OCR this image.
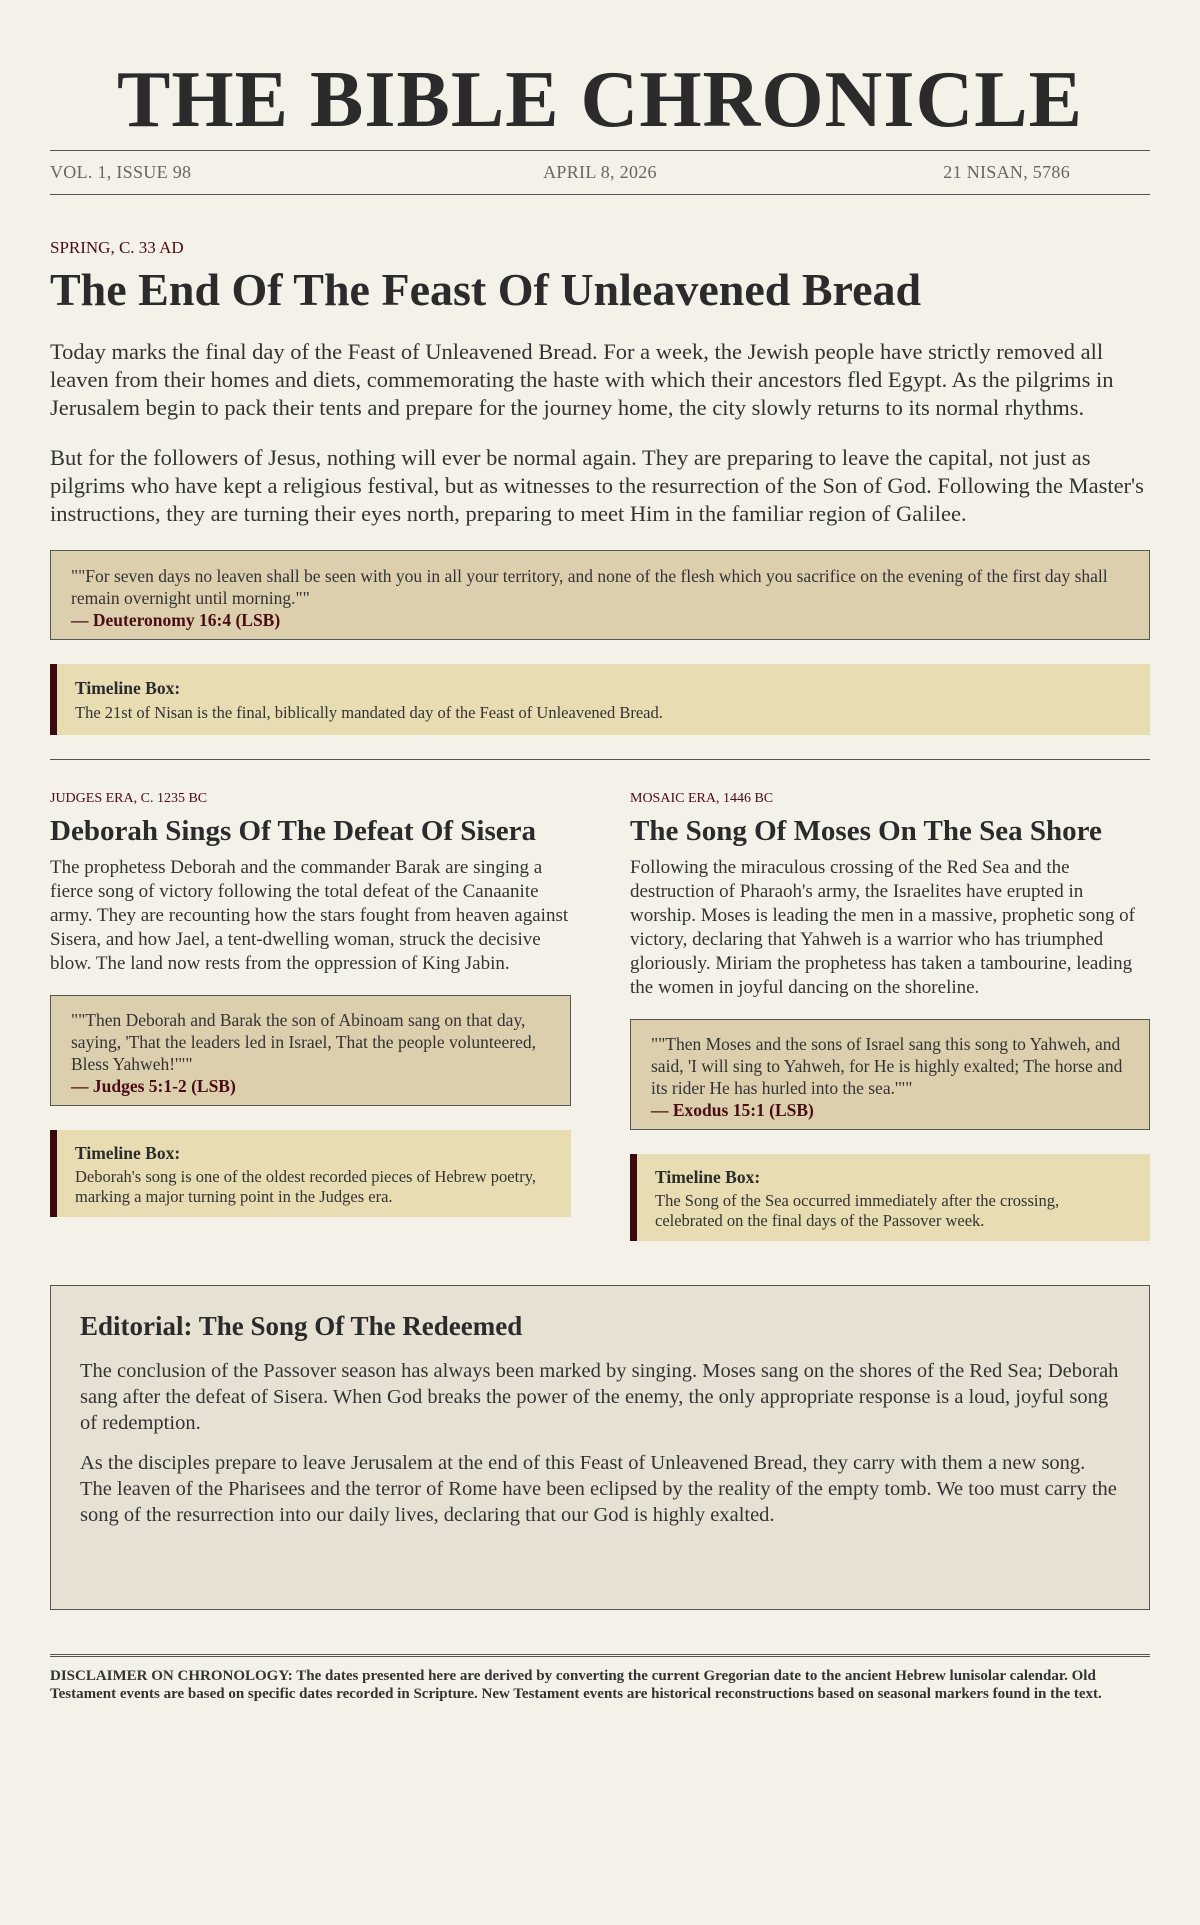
THE BIBLE CHRONICLE
VOL. 1, ISSUE 98	APRIL 8, 2026	21 NISAN, 5786
SPRING, C. 33 AD
The End Of The Feast Of Unleavened Bread

Today marks the final day of the Feast of Unleavened Bread. For a week, the Jewish people have strictly removed all leaven from their homes and diets, commemorating the haste with which their ancestors fled Egypt. As the pilgrims in Jerusalem begin to pack their tents and prepare for the journey home, the city slowly returns to its normal rhythms.

But for the followers of Jesus, nothing will ever be normal again. They are preparing to leave the capital, not just as pilgrims who have kept a religious festival, but as witnesses to the resurrection of the Son of God. Following the Master's instructions, they are turning their eyes north, preparing to meet Him in the familiar region of Galilee.

""For seven days no leaven shall be seen with you in all your territory, and none of the flesh which you sacrifice on the evening of the first day shall remain overnight until morning.""
— Deuteronomy 16:4 (LSB)
Timeline Box:
The 21st of Nisan is the final, biblically mandated day of the Feast of Unleavened Bread.
JUDGES ERA, C. 1235 BC
Deborah Sings Of The Defeat Of Sisera

The prophetess Deborah and the commander Barak are singing a fierce song of victory following the total defeat of the Canaanite army. They are recounting how the stars fought from heaven against Sisera, and how Jael, a tent-dwelling woman, struck the decisive blow. The land now rests from the oppression of King Jabin.

""Then Deborah and Barak the son of Abinoam sang on that day, saying, 'That the leaders led in Israel, That the people volunteered, Bless Yahweh!'""
— Judges 5:1-2 (LSB)
Timeline Box:
Deborah's song is one of the oldest recorded pieces of Hebrew poetry, marking a major turning point in the Judges era.
MOSAIC ERA, 1446 BC
The Song Of Moses On The Sea Shore

Following the miraculous crossing of the Red Sea and the destruction of Pharaoh's army, the Israelites have erupted in worship. Moses is leading the men in a massive, prophetic song of victory, declaring that Yahweh is a warrior who has triumphed gloriously. Miriam the prophetess has taken a tambourine, leading the women in joyful dancing on the shoreline.

""Then Moses and the sons of Israel sang this song to Yahweh, and said, 'I will sing to Yahweh, for He is highly exalted; The horse and its rider He has hurled into the sea.'""
— Exodus 15:1 (LSB)
Timeline Box:
The Song of the Sea occurred immediately after the crossing, celebrated on the final days of the Passover week.
Editorial: The Song Of The Redeemed

The conclusion of the Passover season has always been marked by singing. Moses sang on the shores of the Red Sea; Deborah sang after the defeat of Sisera. When God breaks the power of the enemy, the only appropriate response is a loud, joyful song of redemption.

As the disciples prepare to leave Jerusalem at the end of this Feast of Unleavened Bread, they carry with them a new song. The leaven of the Pharisees and the terror of Rome have been eclipsed by the reality of the empty tomb. We too must carry the song of the resurrection into our daily lives, declaring that our God is highly exalted.

DISCLAIMER ON CHRONOLOGY: The dates presented here are derived by converting the current Gregorian date to the ancient Hebrew lunisolar calendar. Old Testament events are based on specific dates recorded in Scripture. New Testament events are historical reconstructions based on seasonal markers found in the text.
